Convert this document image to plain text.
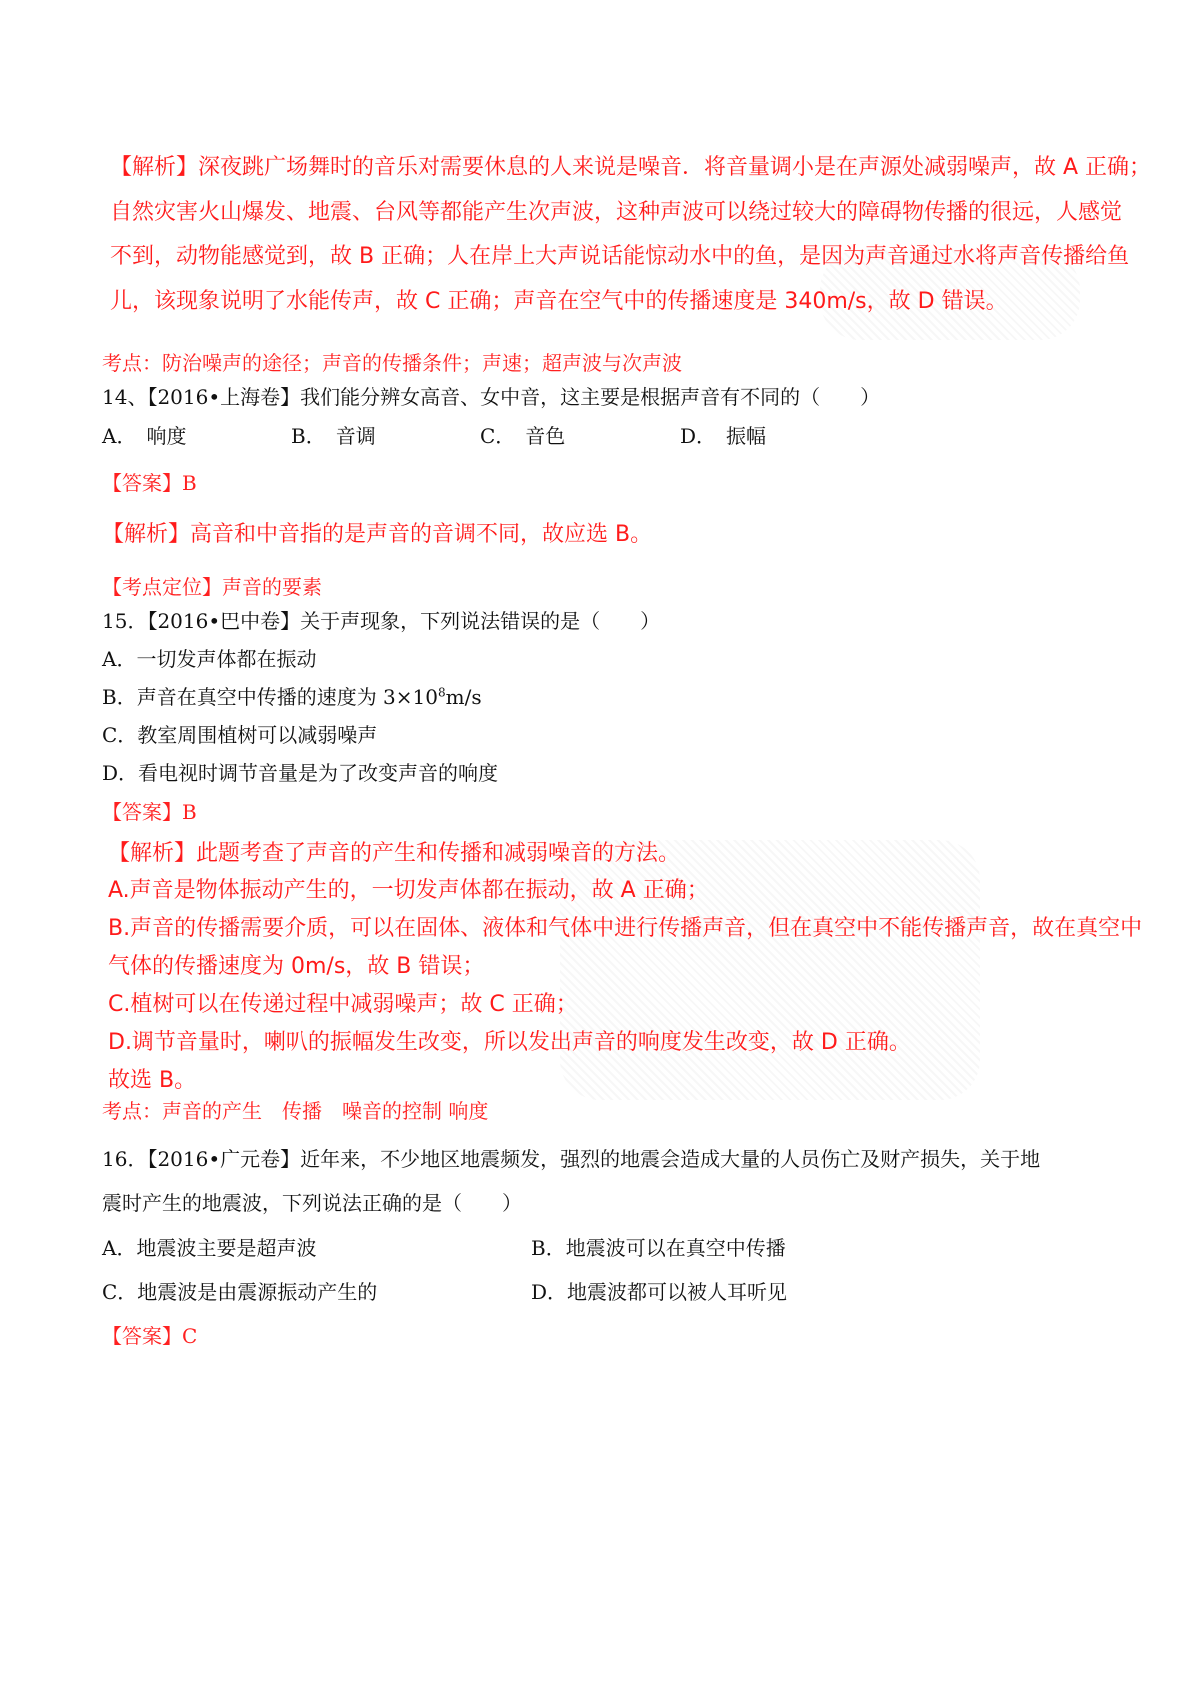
【解析】深夜跳广场舞时的音乐对需要休息的人来说是噪音．将音量调小是在声源处减弱噪声，故 A 正确；
自然灾害火山爆发、地震、台风等都能产生次声波，这种声波可以绕过较大的障碍物传播的很远，人感觉
不到，动物能感觉到，故 B 正确；人在岸上大声说话能惊动水中的鱼，是因为声音通过水将声音传播给鱼
儿，该现象说明了水能传声，故 C 正确；声音在空气中的传播速度是 340m/s，故 D 错误。
考点：防治噪声的途径；声音的传播条件；声速；超声波与次声波
14、【2016•上海卷】我们能分辨女高音、女中音，这主要是根据声音有不同的（　　）
A．　响度	B．　音调	C．　音色	D．　振幅
【答案】B
【解析】高音和中音指的是声音的音调不同，故应选 B。
【考点定位】声音的要素
15．【2016•巴中卷】关于声现象，下列说法错误的是（　　）
A．一切发声体都在振动
B．声音在真空中传播的速度为 $3\times 10^8m/s$
C．教室周围植树可以减弱噪声
D．看电视时调节音量是为了改变声音的响度
【答案】B
【解析】此题考查了声音的产生和传播和减弱噪音的方法。
A.声音是物体振动产生的，一切发声体都在振动，故 A 正确；
B.声音的传播需要介质，可以在固体、液体和气体中进行传播声音，但在真空中不能传播声音，故在真空中
气体的传播速度为 0m/s，故 B 错误；
C.植树可以在传递过程中减弱噪声；故 C 正确；
D.调节音量时，喇叭的振幅发生改变，所以发出声音的响度发生改变，故 D 正确。
故选 B。
考点：声音的产生　传播　噪音的控制 响度
16．【2016•广元卷】近年来，不少地区地震频发，强烈的地震会造成大量的人员伤亡及财产损失，关于地
震时产生的地震波，下列说法正确的是（　　）
A．地震波主要是超声波	B．地震波可以在真空中传播
C．地震波是由震源振动产生的	D．地震波都可以被人耳听见
【答案】C
